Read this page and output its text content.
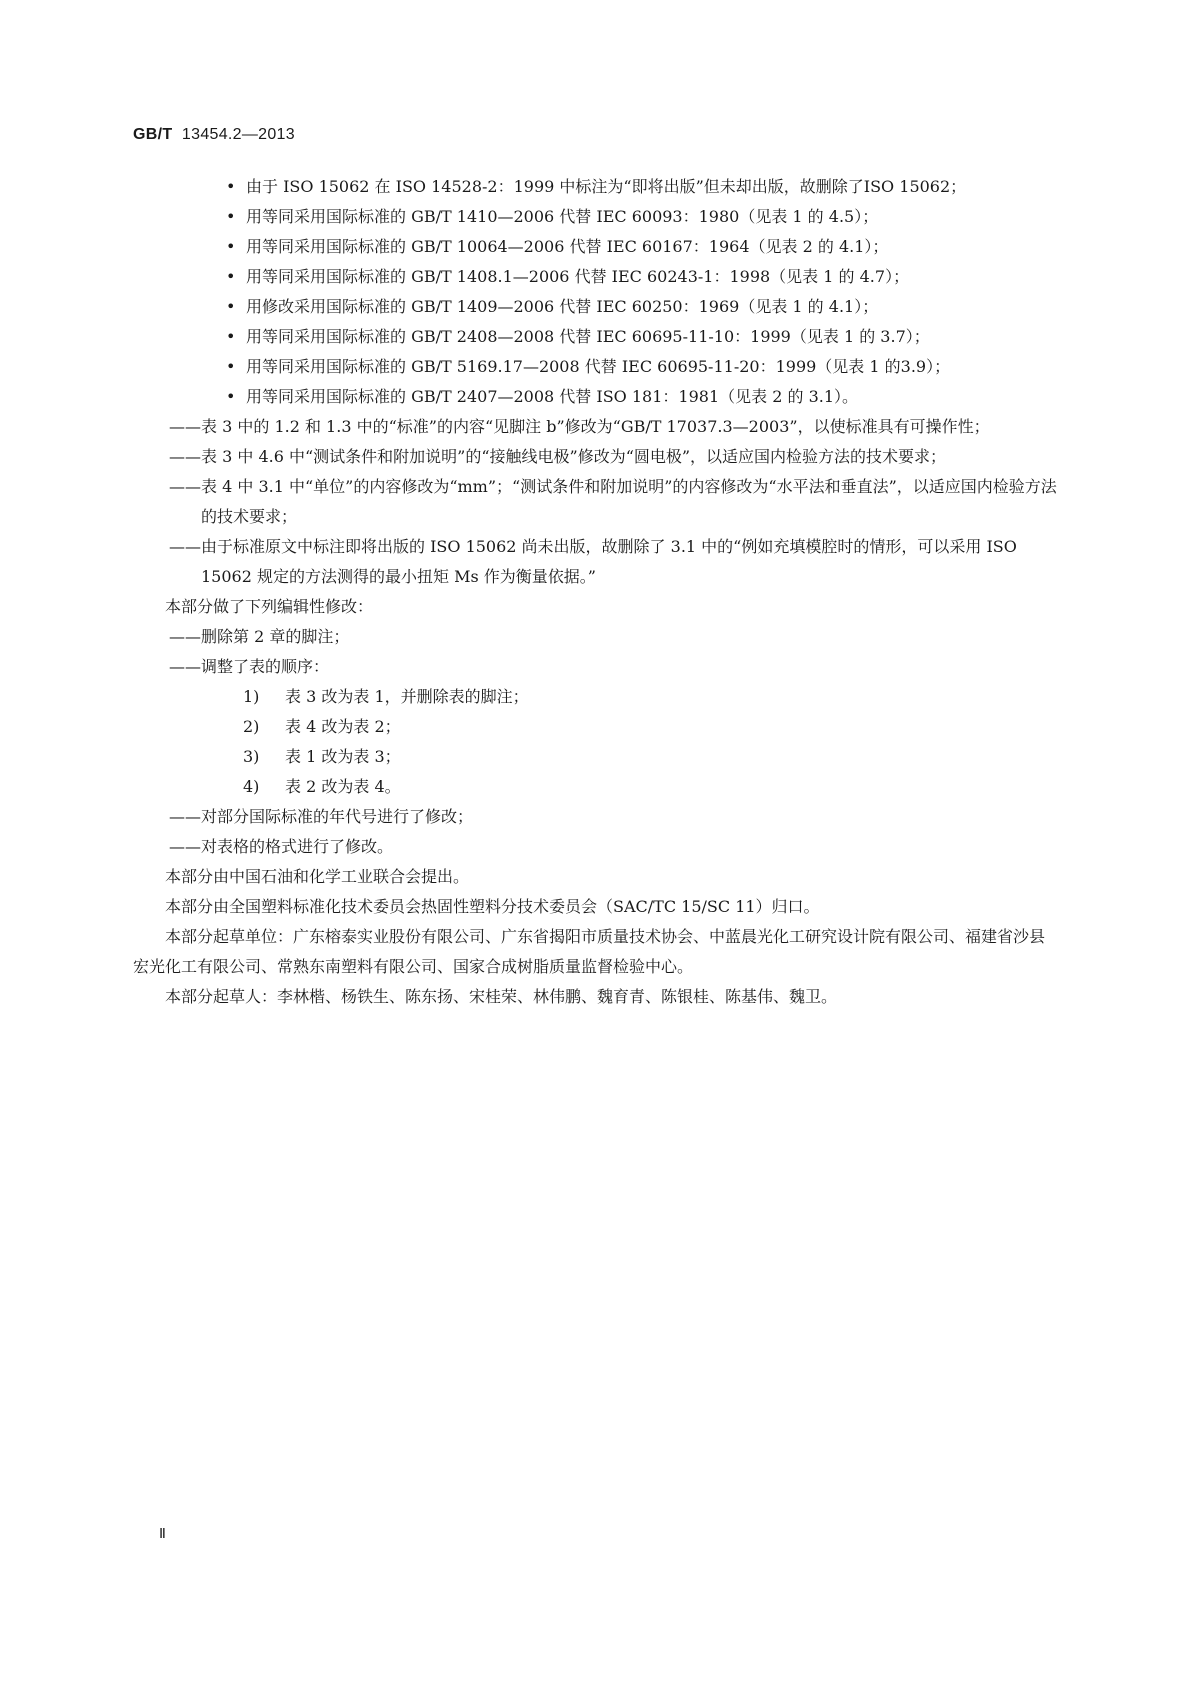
GB/T 13454.2—2013
• 由于 ISO 15062 在 ISO 14528-2：1999 中标注为“即将出版”但未却出版，故删除了ISO 15062；
• 用等同采用国际标准的 GB/T 1410—2006 代替 IEC 60093：1980（见表 1 的 4.5）；
• 用等同采用国际标准的 GB/T 10064—2006 代替 IEC 60167：1964（见表 2 的 4.1）；
• 用等同采用国际标准的 GB/T 1408.1—2006 代替 IEC 60243-1：1998（见表 1 的 4.7）；
• 用修改采用国际标准的 GB/T 1409—2006 代替 IEC 60250：1969（见表 1 的 4.1）；
• 用等同采用国际标准的 GB/T 2408—2008 代替 IEC 60695-11-10：1999（见表 1 的 3.7）；
• 用等同采用国际标准的 GB/T 5169.17—2008 代替 IEC 60695-11-20：1999（见表 1 的3.9）；
• 用等同采用国际标准的 GB/T 2407—2008 代替 ISO 181：1981（见表 2 的 3.1）。
——表 3 中的 1.2 和 1.3 中的“标准”的内容“见脚注 b”修改为“GB/T 17037.3—2003”，以使标准具有可操作性；
——表 3 中 4.6 中“测试条件和附加说明”的“接触线电极”修改为“圆电极”，以适应国内检验方法的技术要求；
——表 4 中 3.1 中“单位”的内容修改为“mm”；“测试条件和附加说明”的内容修改为“水平法和垂直法”，以适应国内检验方法的技术要求；
——由于标准原文中标注即将出版的 ISO 15062 尚未出版，故删除了 3.1 中的“例如充填模腔时的情形，可以采用 ISO 15062 规定的方法测得的最小扭矩 Ms 作为衡量依据。”
本部分做了下列编辑性修改：
——删除第 2 章的脚注；
——调整了表的顺序：
1) 表 3 改为表 1，并删除表的脚注；
2) 表 4 改为表 2；
3) 表 1 改为表 3；
4) 表 2 改为表 4。
——对部分国际标准的年代号进行了修改；
——对表格的格式进行了修改。
本部分由中国石油和化学工业联合会提出。
本部分由全国塑料标准化技术委员会热固性塑料分技术委员会（SAC/TC 15/SC 11）归口。
本部分起草单位：广东榕泰实业股份有限公司、广东省揭阳市质量技术协会、中蓝晨光化工研究设计院有限公司、福建省沙县宏光化工有限公司、常熟东南塑料有限公司、国家合成树脂质量监督检验中心。
本部分起草人：李林楷、杨铁生、陈东扬、宋桂荣、林伟鹏、魏育青、陈银桂、陈基伟、魏卫。
Ⅱ
